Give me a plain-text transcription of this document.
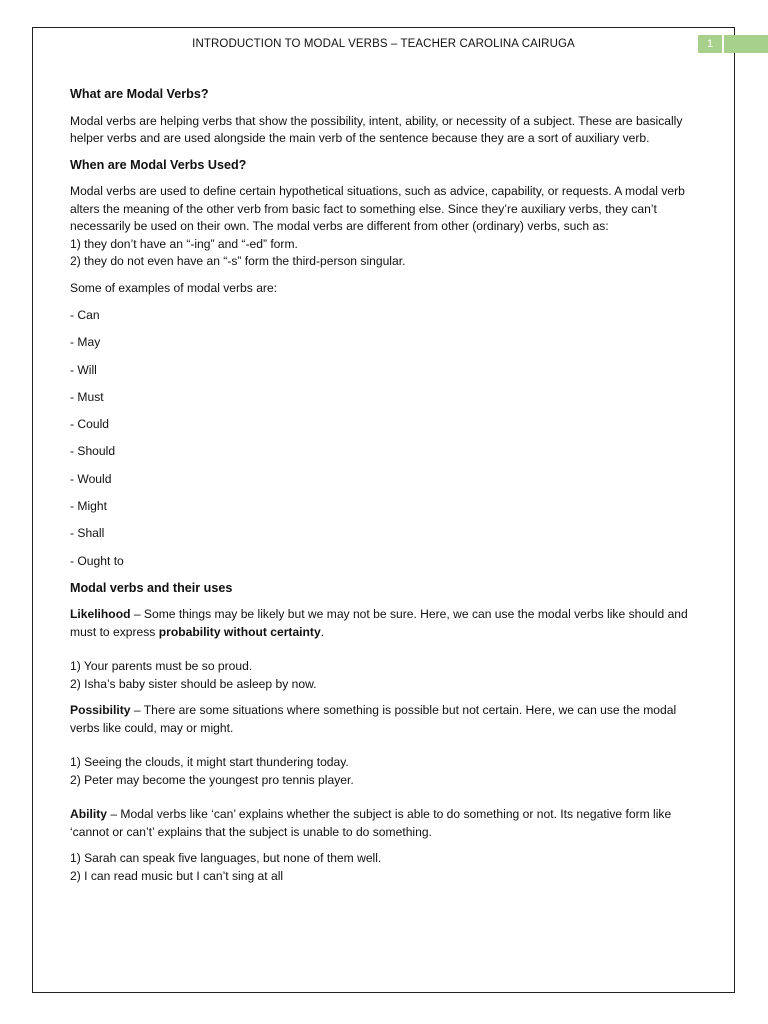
INTRODUCTION TO MODAL VERBS – TEACHER CAROLINA CAIRUGA	1
What are Modal Verbs?
Modal verbs are helping verbs that show the possibility, intent, ability, or necessity of a subject. These are basically helper verbs and are used alongside the main verb of the sentence because they are a sort of auxiliary verb.
When are Modal Verbs Used?
Modal verbs are used to define certain hypothetical situations, such as advice, capability, or requests. A modal verb alters the meaning of the other verb from basic fact to something else. Since they’re auxiliary verbs, they can’t necessarily be used on their own. The modal verbs are different from other (ordinary) verbs, such as:
1) they don’t have an “-ing” and “-ed” form.
2) they do not even have an “-s” form the third-person singular.
Some of examples of modal verbs are:
- Can
- May
- Will
- Must
- Could
- Should
- Would
- Might
- Shall
- Ought to
Modal verbs and their uses
Likelihood – Some things may be likely but we may not be sure. Here, we can use the modal verbs like should and must to express probability without certainty.
1) Your parents must be so proud.
2) Isha’s baby sister should be asleep by now.
Possibility – There are some situations where something is possible but not certain. Here, we can use the modal verbs like could, may or might.
1) Seeing the clouds, it might start thundering today.
2) Peter may become the youngest pro tennis player.
Ability – Modal verbs like ‘can’ explains whether the subject is able to do something or not. Its negative form like ‘cannot or can’t’ explains that the subject is unable to do something.
1) Sarah can speak five languages, but none of them well.
2) I can read music but I can’t sing at all
